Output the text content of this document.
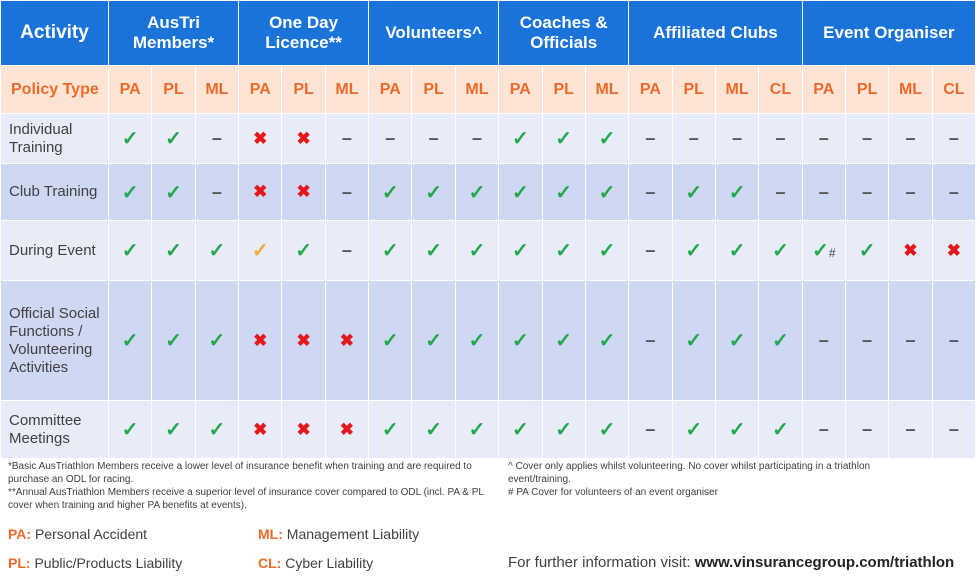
Activity	AusTri Members*			One Day Licence**			Volunteers^			Coaches & Officials			Affiliated Clubs				Event Organiser			
Policy Type	PA	PL	ML	PA	PL	ML	PA	PL	ML	PA	PL	ML	PA	PL	ML	CL	PA	PL	ML	CL
Individual Training	✓	✓	–	✖	✖	–	–	–	–	✓	✓	✓	–	–	–	–	–	–	–	–
Club Training	✓	✓	–	✖	✖	–	✓	✓	✓	✓	✓	✓	–	✓	✓	–	–	–	–	–
During Event	✓	✓	✓	✓	✓	–	✓	✓	✓	✓	✓	✓	–	✓	✓	✓	✓#	✓	✖	✖
Official Social Functions / Volunteering Activities	✓	✓	✓	✖	✖	✖	✓	✓	✓	✓	✓	✓	–	✓	✓	✓	–	–	–	–
Committee Meetings	✓	✓	✓	✖	✖	✖	✓	✓	✓	✓	✓	✓	–	✓	✓	✓	–	–	–	–
*Basic AusTriathlon Members receive a lower level of insurance benefit when training and are required to purchase an ODL for racing.
**Annual AusTriathlon Members receive a superior level of insurance cover compared to ODL (incl. PA & PL cover when training and higher PA benefits at events).
^ Cover only applies whilst volunteering. No cover whilst participating in a triathlon event/training.
# PA Cover for volunteers of an event organiser
PA: Personal Accident	ML: Management Liability
PL: Public/Products Liability	CL: Cyber Liability	For further information visit: www.vinsurancegroup.com/triathlon
